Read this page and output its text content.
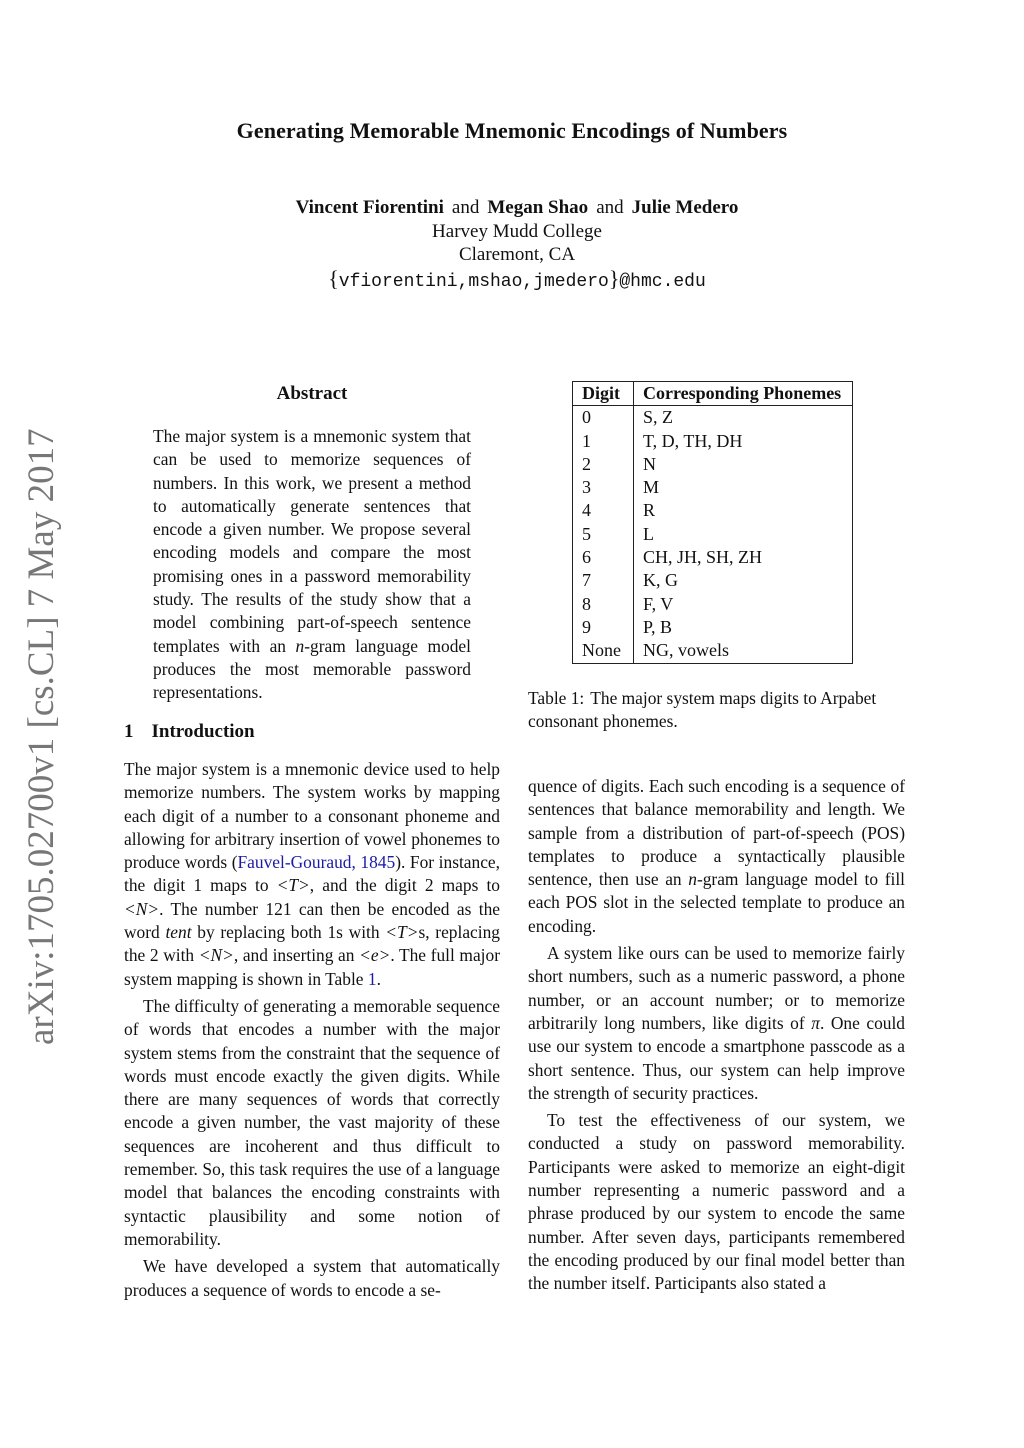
Generating Memorable Mnemonic Encodings of Numbers
Vincent Fiorentini and Megan Shao and Julie Medero
Harvey Mudd College
Claremont, CA
{vfiorentini,mshao,jmedero}@hmc.edu
arXiv:1705.02700v1 [cs.CL] 7 May 2017
Abstract
The major system is a mnemonic system that can be used to memorize sequences of numbers. In this work, we present a method to automatically generate sentences that encode a given number. We propose several encoding models and compare the most promising ones in a password memorability study. The results of the study show that a model combining part-of-speech sentence templates with an n-gram language model produces the most memorable password representations.
1 Introduction

The major system is a mnemonic device used to help memorize numbers. The system works by mapping each digit of a number to a consonant phoneme and allowing for arbitrary insertion of vowel phonemes to produce words (Fauvel-Gouraud, 1845). For instance, the digit 1 maps to <T>, and the digit 2 maps to <N>. The number 121 can then be encoded as the word tent by replacing both 1s with <T>s, replacing the 2 with <N>, and inserting an <e>. The full major system mapping is shown in Table 1.

The difficulty of generating a memorable sequence of words that encodes a number with the major system stems from the constraint that the sequence of words must encode exactly the given digits. While there are many sequences of words that correctly encode a given number, the vast majority of these sequences are incoherent and thus difficult to remember. So, this task requires the use of a language model that balances the encoding constraints with syntactic plausibility and some notion of memorability.

We have developed a system that automatically produces a sequence of words to encode a se-

Digit	Corresponding Phonemes
0	S, Z
1	T, D, TH, DH
2	N
3	M
4	R
5	L
6	CH, JH, SH, ZH
7	K, G
8	F, V
9	P, B
None	NG, vowels
Table 1: The major system maps digits to Arpabet consonant phonemes.

quence of digits. Each such encoding is a sequence of sentences that balance memorability and length. We sample from a distribution of part-of-speech (POS) templates to produce a syntactically plausible sentence, then use an n-gram language model to fill each POS slot in the selected template to produce an encoding.

A system like ours can be used to memorize fairly short numbers, such as a numeric password, a phone number, or an account number; or to memorize arbitrarily long numbers, like digits of π. One could use our system to encode a smartphone passcode as a short sentence. Thus, our system can help improve the strength of security practices.

To test the effectiveness of our system, we conducted a study on password memorability. Participants were asked to memorize an eight-digit number representing a numeric password and a phrase produced by our system to encode the same number. After seven days, participants remembered the encoding produced by our final model better than the number itself. Participants also stated a
